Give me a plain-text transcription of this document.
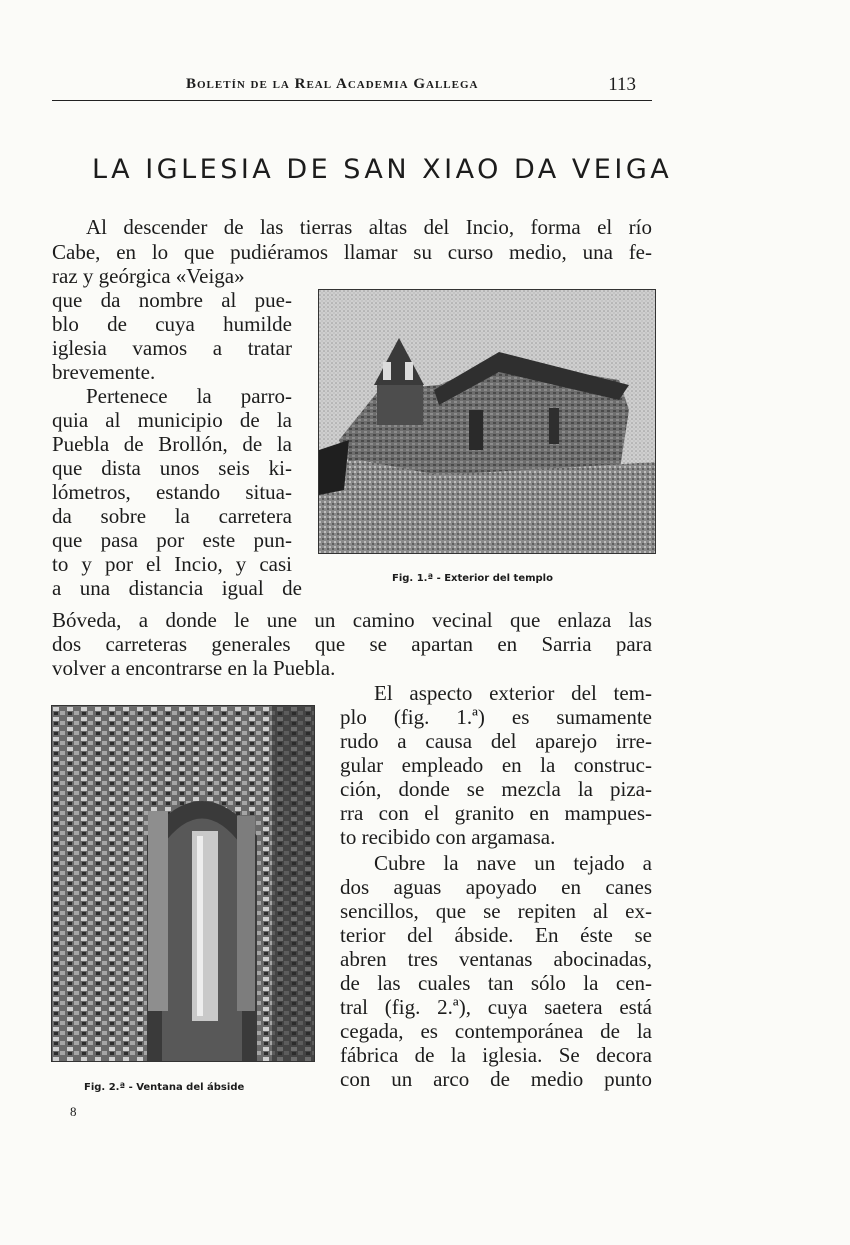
Boletín de la Real Academia Gallega	113
LA IGLESIA DE SAN XIAO DA VEIGA
Al descender de las tierras altas del Incio, forma el río
Cabe, en lo que pudiéramos llamar su curso medio, una fe-
raz y geórgica «Veiga»
que da nombre al pue-
blo de cuya humilde
iglesia vamos a tratar
brevemente.
Pertenece la parro-
quia al municipio de la
Puebla de Brollón, de la
que dista unos seis ki-
lómetros, estando situa-
da sobre la carretera
que pasa por este pun-
to y por el Incio, y casi
a una distancia igual de
Bóveda, a donde le une un camino vecinal que enlaza las
dos carreteras generales que se apartan en Sarria para
volver a encontrarse en la Puebla.
El aspecto exterior del tem-
plo (fig. 1.ª) es sumamente
rudo a causa del aparejo irre-
gular empleado en la construc-
ción, donde se mezcla la piza-
rra con el granito en mampues-
to recibido con argamasa.
Cubre la nave un tejado a
dos aguas apoyado en canes
sencillos, que se repiten al ex-
terior del ábside. En éste se
abren tres ventanas abocinadas,
de las cuales tan sólo la cen-
tral (fig. 2.ª), cuya saetera está
cegada, es contemporánea de la
fábrica de la iglesia. Se decora
con un arco de medio punto
Fig. 1.ª - Exterior del templo
Fig. 2.ª - Ventana del ábside
8
